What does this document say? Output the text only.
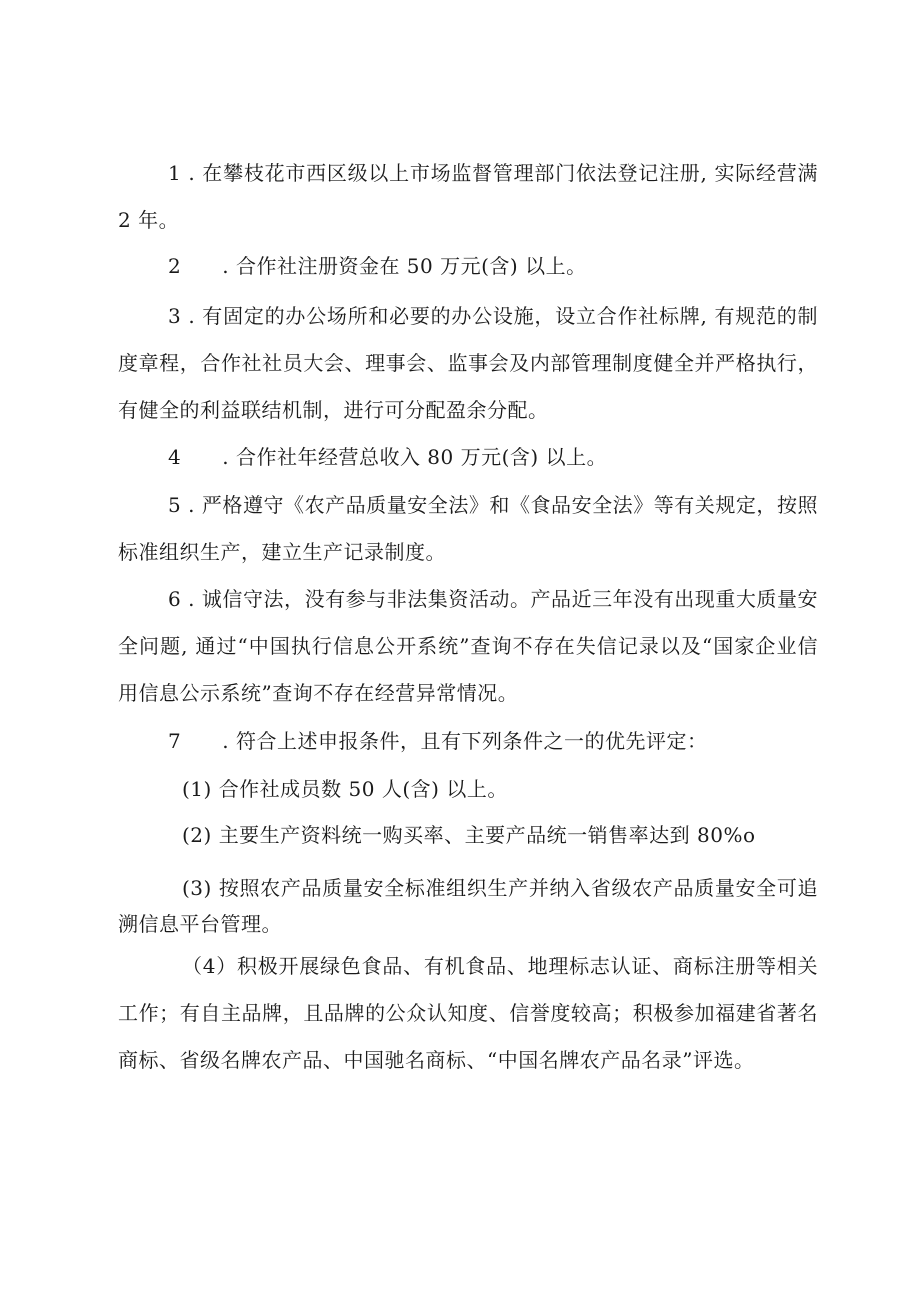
1 . 在攀枝花市西区级以上市场监督管理部门依法登记注册, 实际经营满 2 年。
2　　. 合作社注册资金在 50 万元(含) 以上。
3 . 有固定的办公场所和必要的办公设施，设立合作社标牌, 有规范的制度章程，合作社社员大会、理事会、监事会及内部管理制度健全并严格执行，有健全的利益联结机制，进行可分配盈余分配。
4　　. 合作社年经营总收入 80 万元(含) 以上。
5 . 严格遵守《农产品质量安全法》和《食品安全法》等有关规定，按照标准组织生产，建立生产记录制度。
6 . 诚信守法，没有参与非法集资活动。产品近三年没有出现重大质量安全问题, 通过“中国执行信息公开系统”查询不存在失信记录以及“国家企业信用信息公示系统”查询不存在经营异常情况。
7　　. 符合上述申报条件，且有下列条件之一的优先评定：
(1) 合作社成员数 50 人(含) 以上。
(2) 主要生产资料统一购买率、主要产品统一销售率达到 80%o
(3) 按照农产品质量安全标准组织生产并纳入省级农产品质量安全可追溯信息平台管理。
（4）积极开展绿色食品、有机食品、地理标志认证、商标注册等相关工作；有自主品牌，且品牌的公众认知度、信誉度较高；积极参加福建省著名商标、省级名牌农产品、中国驰名商标、“中国名牌农产品名录”评选。
